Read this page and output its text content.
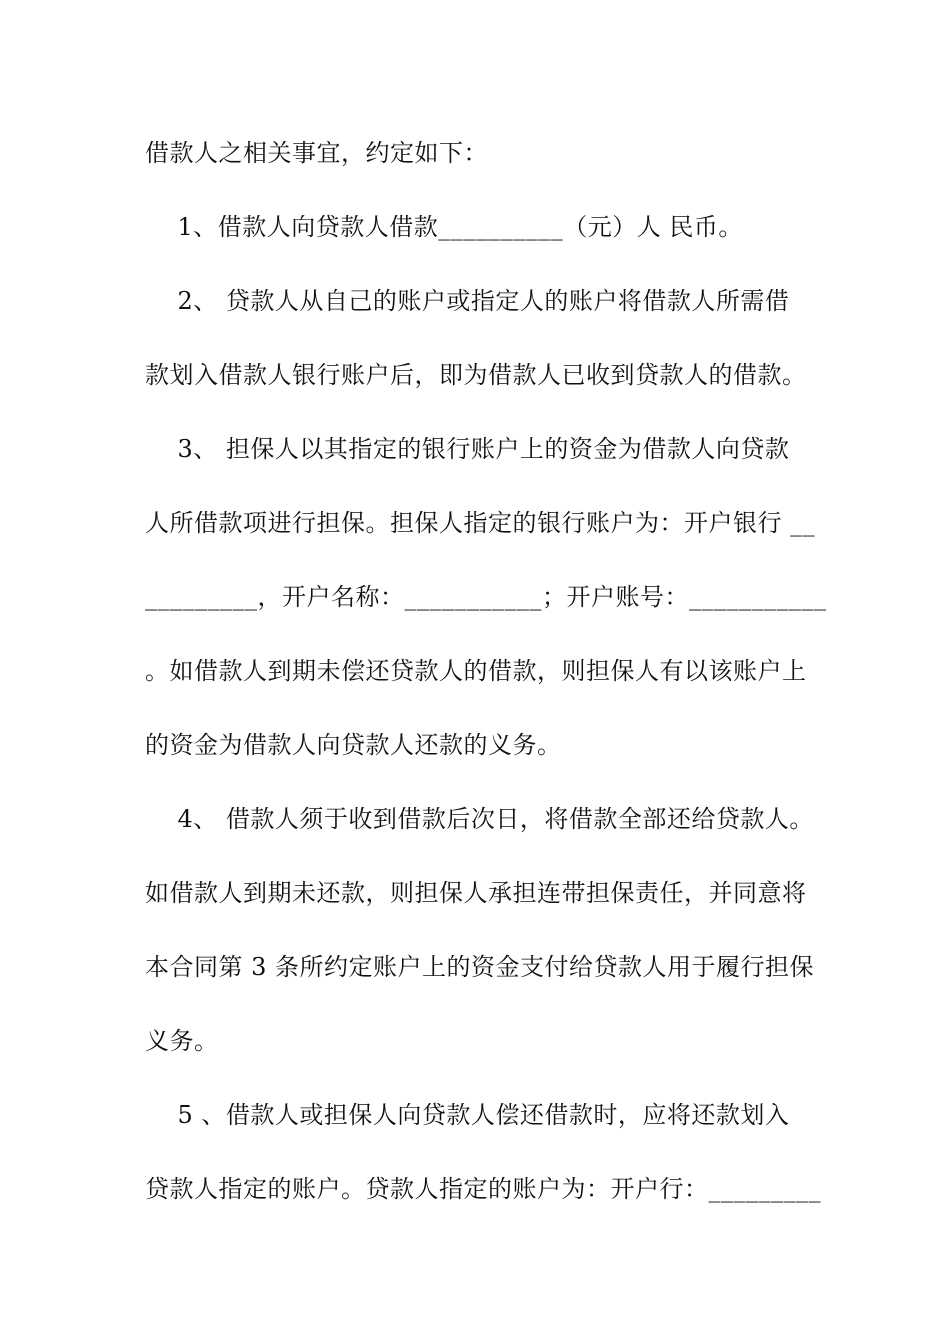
借款人之相关事宜，约定如下：

1、借款人向贷款人借款__________（元）人 民币。

2、 贷款人从自己的账户或指定人的账户将借款人所需借

款划入借款人银行账户后，即为借款人已收到贷款人的借款。

3、 担保人以其指定的银行账户上的资金为借款人向贷款

人所借款项进行担保。担保人指定的银行账户为：开户银行 __

_________，开户名称：___________；开户账号：___________

。如借款人到期未偿还贷款人的借款，则担保人有以该账户上

的资金为借款人向贷款人还款的义务。

4、 借款人须于收到借款后次日，将借款全部还给贷款人。

如借款人到期未还款，则担保人承担连带担保责任，并同意将

本合同第 3 条所约定账户上的资金支付给贷款人用于履行担保

义务。

5 、借款人或担保人向贷款人偿还借款时，应将还款划入

贷款人指定的账户。贷款人指定的账户为：开户行：_________
